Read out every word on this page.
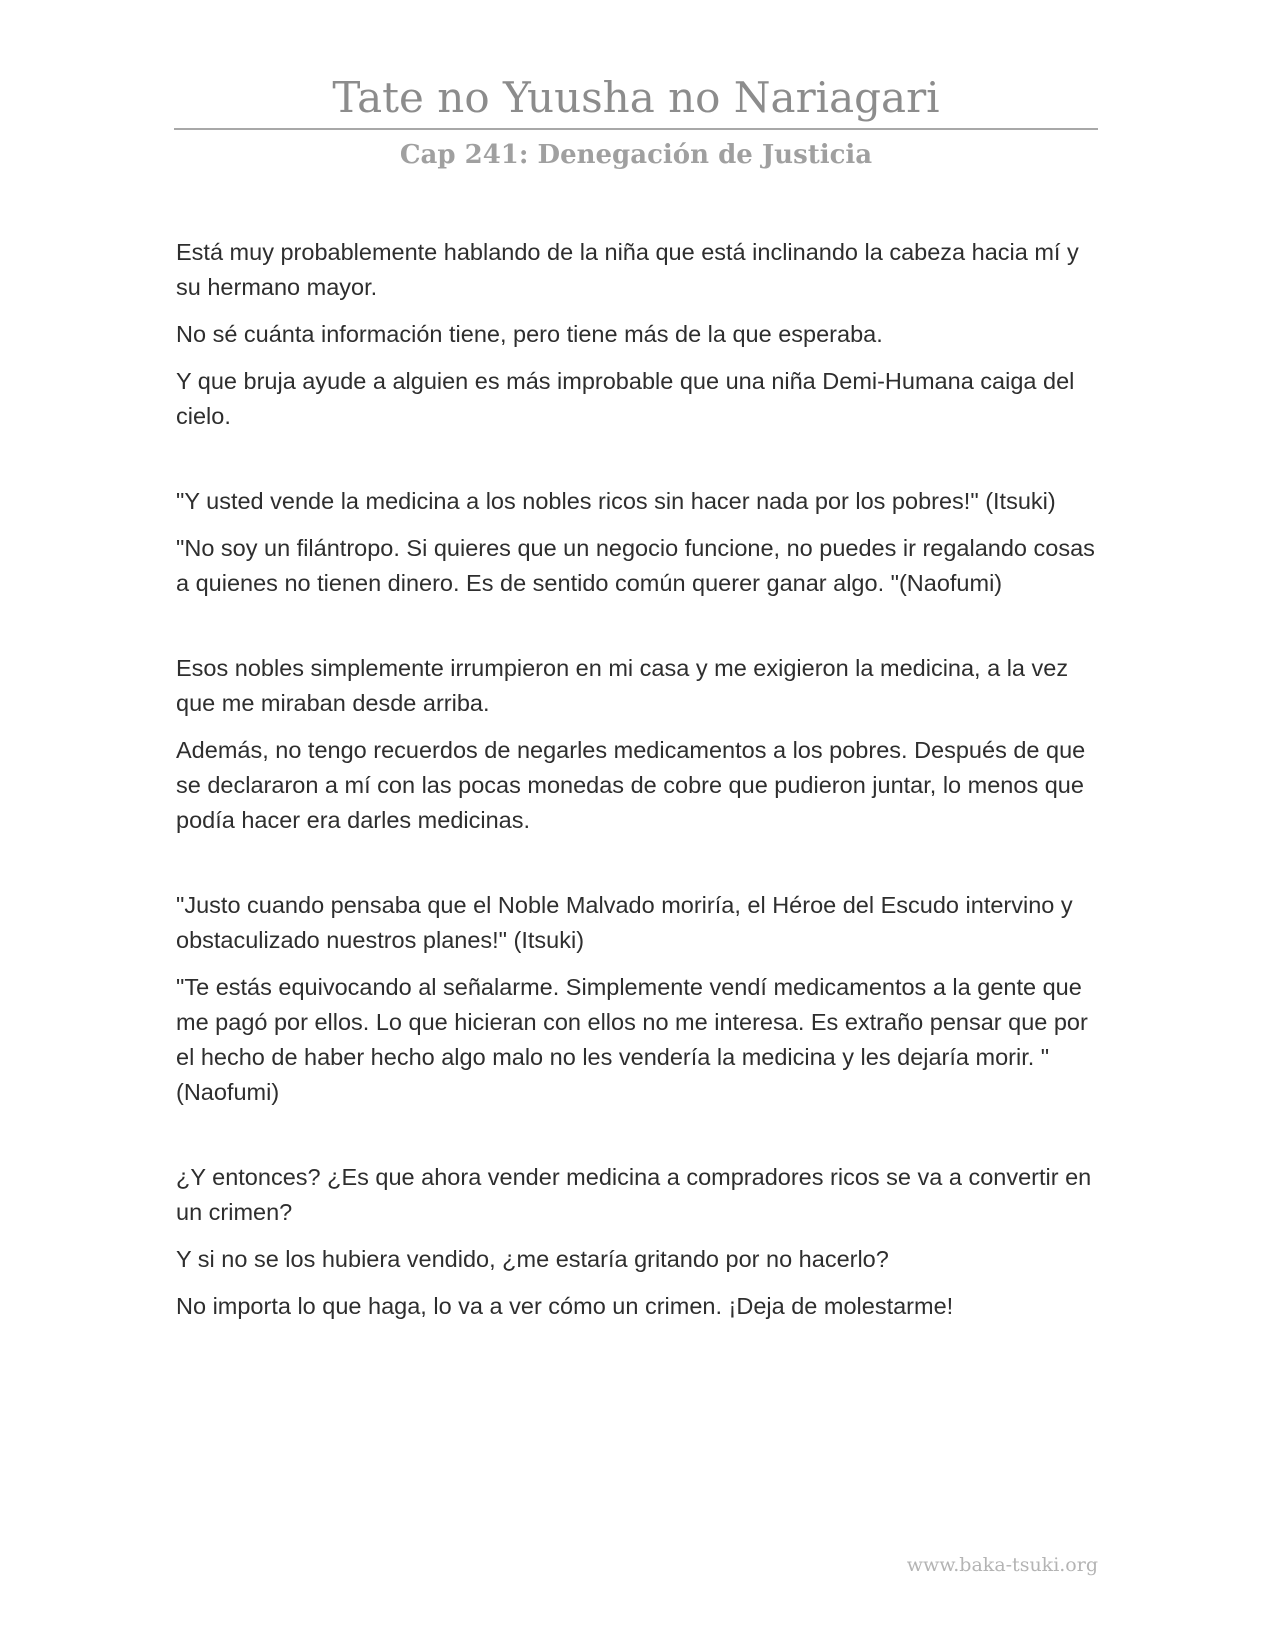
Tate no Yuusha no Nariagari
Cap 241: Denegación de Justicia

Está muy probablemente hablando de la niña que está inclinando la cabeza hacia mí y su hermano mayor.

No sé cuánta información tiene, pero tiene más de la que esperaba.

Y que bruja ayude a alguien es más improbable que una niña Demi-Humana caiga del cielo.

"Y usted vende la medicina a los nobles ricos sin hacer nada por los pobres!" (Itsuki)

"No soy un filántropo. Si quieres que un negocio funcione, no puedes ir regalando cosas a quienes no tienen dinero. Es de sentido común querer ganar algo. "(Naofumi)

Esos nobles simplemente irrumpieron en mi casa y me exigieron la medicina, a la vez que me miraban desde arriba.

Además, no tengo recuerdos de negarles medicamentos a los pobres. Después de que se declararon a mí con las pocas monedas de cobre que pudieron juntar, lo menos que podía hacer era darles medicinas.

"Justo cuando pensaba que el Noble Malvado moriría, el Héroe del Escudo intervino y obstaculizado nuestros planes!" (Itsuki)

"Te estás equivocando al señalarme. Simplemente vendí medicamentos a la gente que me pagó por ellos. Lo que hicieran con ellos no me interesa. Es extraño pensar que por el hecho de haber hecho algo malo no les vendería la medicina y les dejaría morir. "(Naofumi)

¿Y entonces? ¿Es que ahora vender medicina a compradores ricos se va a convertir en un crimen?

Y si no se los hubiera vendido, ¿me estaría gritando por no hacerlo?

No importa lo que haga, lo va a ver cómo un crimen. ¡Deja de molestarme!

www.baka-tsuki.org
